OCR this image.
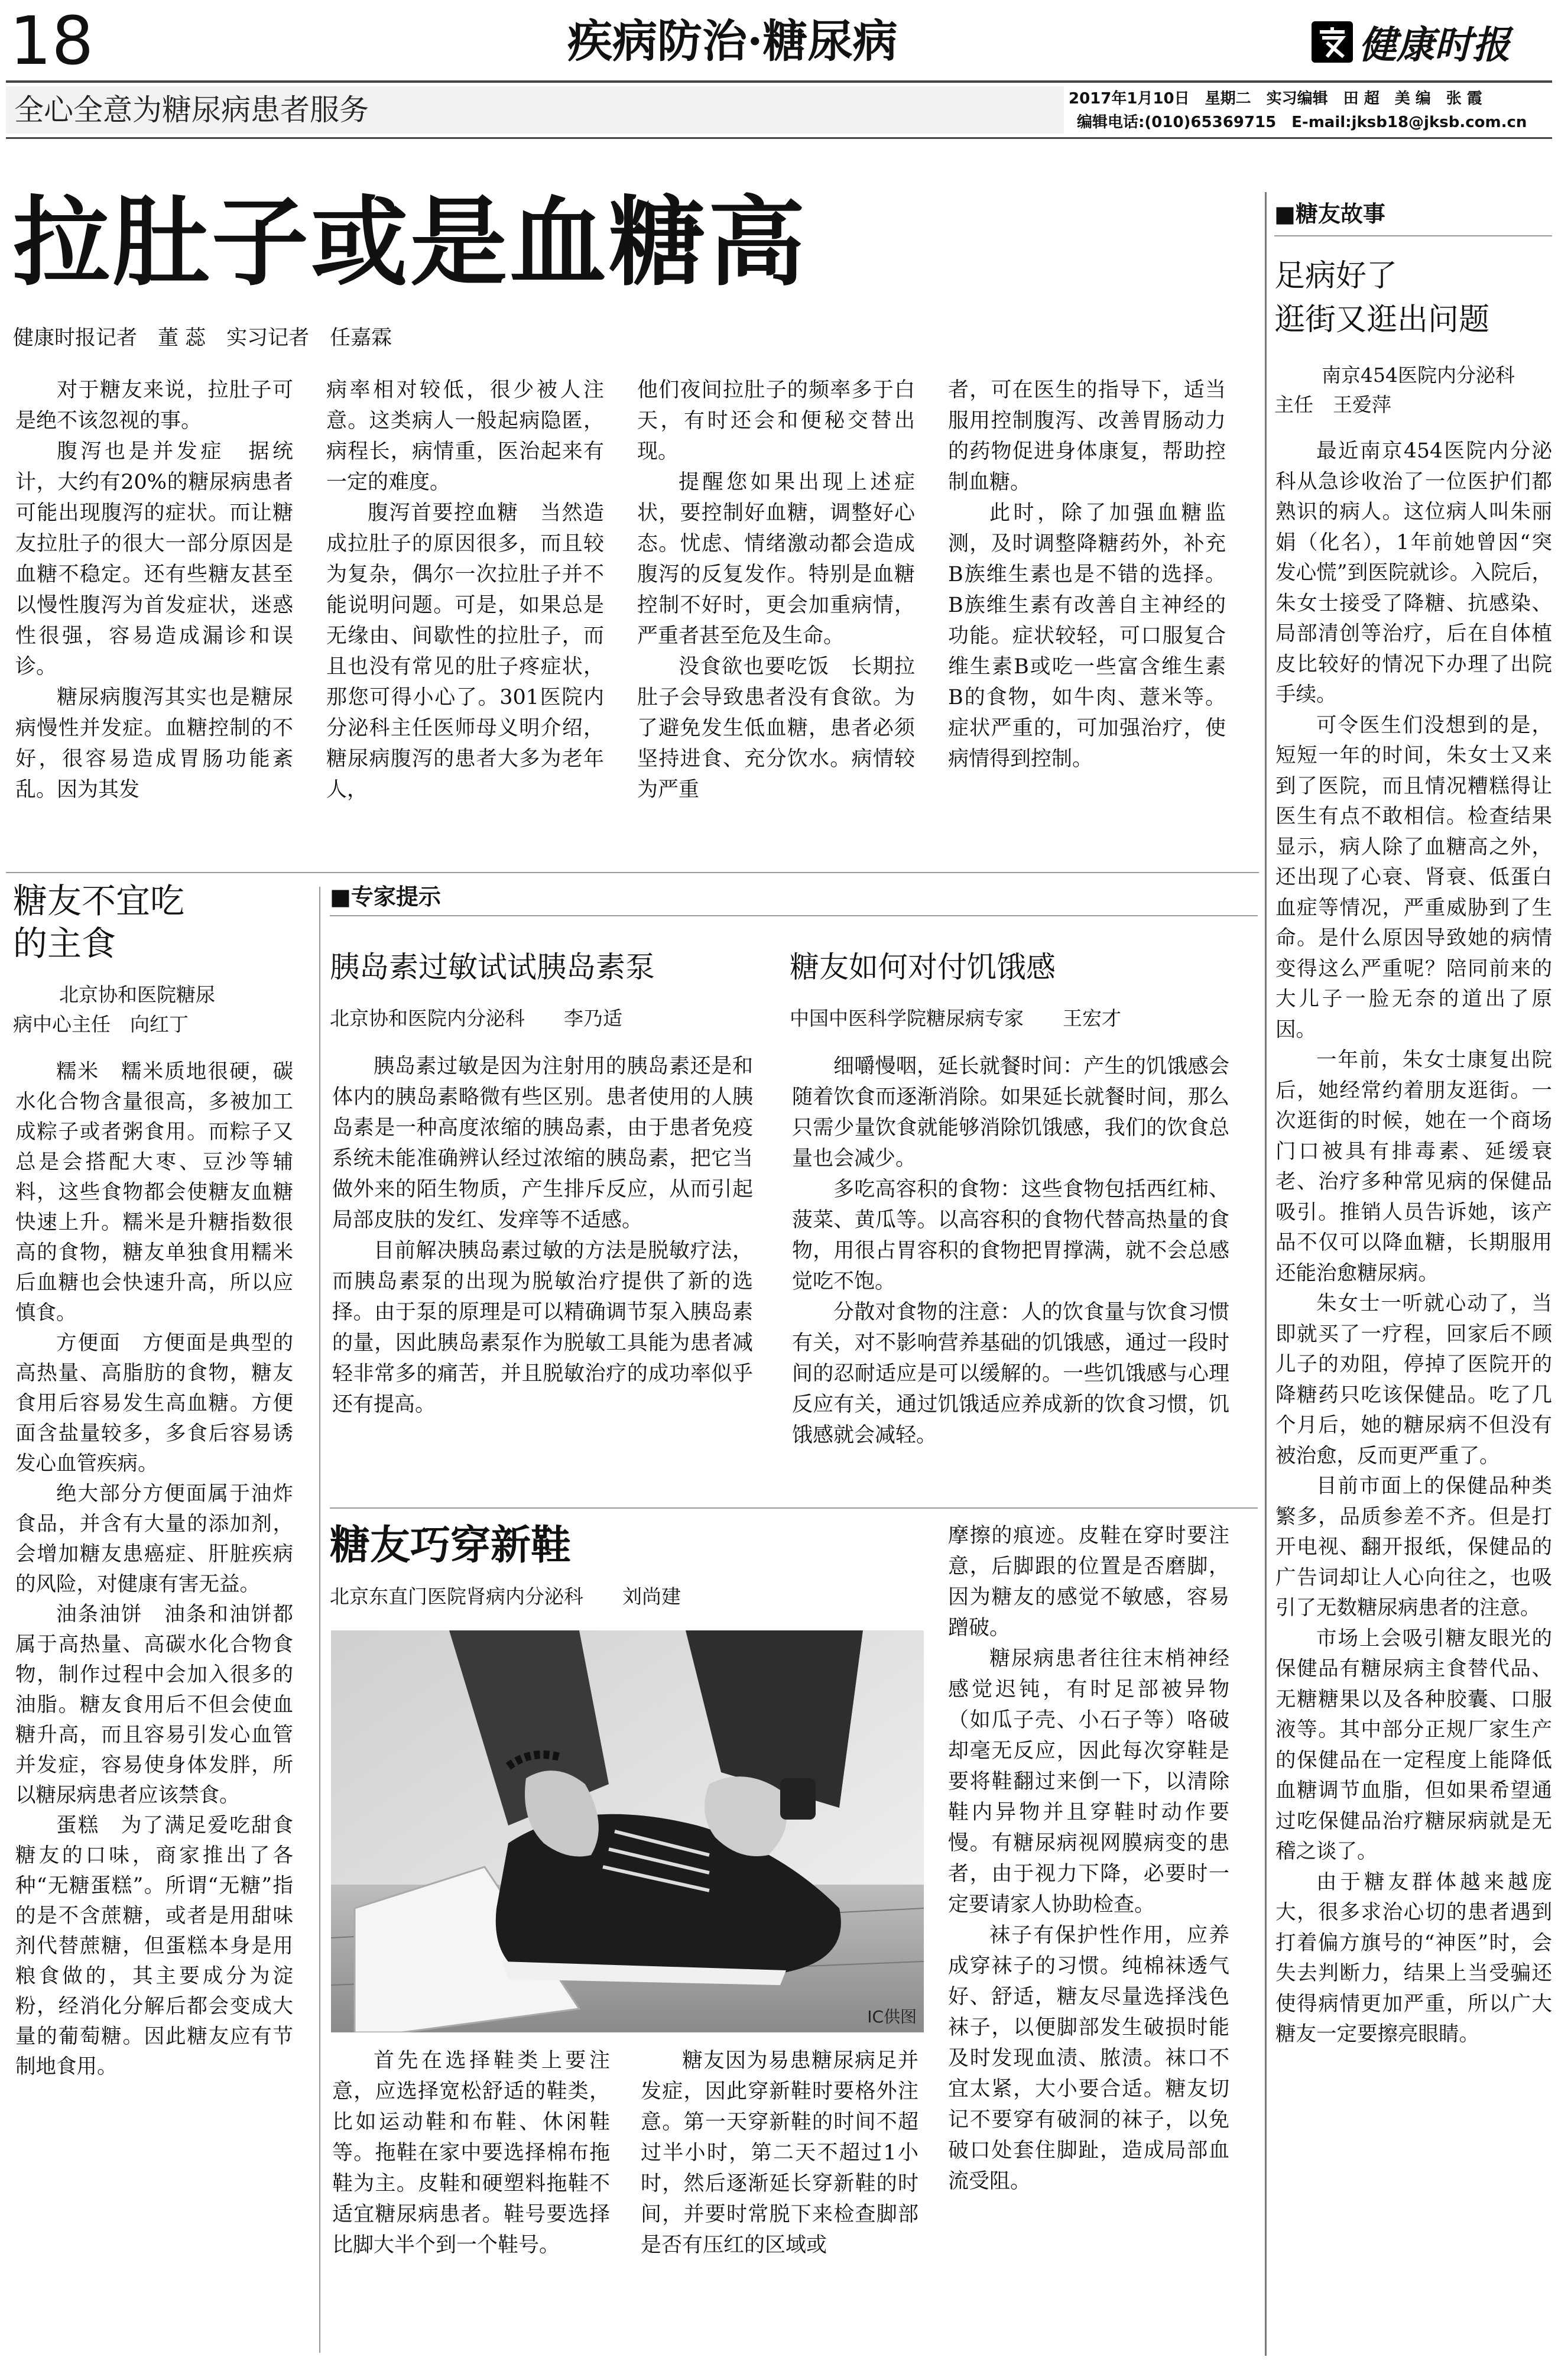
18	疾病防治·糖尿病	健康时报
全心全意为糖尿病患者服务	2017年1月10日　星期二　实习编辑　田 超　美 编　张 霞
编辑电话:(010)65369715　E-mail:jksb18@jksb.com.cn
拉肚子或是血糖高
健康时报记者　董 蕊　实习记者　任嘉霖

对于糖友来说，拉肚子可是绝不该忽视的事。

腹泻也是并发症　据统计，大约有20%的糖尿病患者可能出现腹泻的症状。而让糖友拉肚子的很大一部分原因是血糖不稳定。还有些糖友甚至以慢性腹泻为首发症状，迷惑性很强，容易造成漏诊和误诊。

糖尿病腹泻其实也是糖尿病慢性并发症。血糖控制的不好，很容易造成胃肠功能紊乱。因为其发

病率相对较低，很少被人注意。这类病人一般起病隐匿，病程长，病情重，医治起来有一定的难度。

腹泻首要控血糖　当然造成拉肚子的原因很多，而且较为复杂，偶尔一次拉肚子并不能说明问题。可是，如果总是无缘由、间歇性的拉肚子，而且也没有常见的肚子疼症状，那您可得小心了。301医院内分泌科主任医师母义明介绍，糖尿病腹泻的患者大多为老年人，

他们夜间拉肚子的频率多于白天，有时还会和便秘交替出现。

提醒您如果出现上述症状，要控制好血糖，调整好心态。忧虑、情绪激动都会造成腹泻的反复发作。特别是血糖控制不好时，更会加重病情，严重者甚至危及生命。

没食欲也要吃饭　长期拉肚子会导致患者没有食欲。为了避免发生低血糖，患者必须坚持进食、充分饮水。病情较为严重

者，可在医生的指导下，适当服用控制腹泻、改善胃肠动力的药物促进身体康复，帮助控制血糖。

此时，除了加强血糖监测，及时调整降糖药外，补充B族维生素也是不错的选择。B族维生素有改善自主神经的功能。症状较轻，可口服复合维生素B或吃一些富含维生素B的食物，如牛肉、薏米等。症状严重的，可加强治疗，使病情得到控制。

糖友不宜吃
的主食
北京协和医院糖尿
病中心主任　向红丁

糯米　糯米质地很硬，碳水化合物含量很高，多被加工成粽子或者粥食用。而粽子又总是会搭配大枣、豆沙等辅料，这些食物都会使糖友血糖快速上升。糯米是升糖指数很高的食物，糖友单独食用糯米后血糖也会快速升高，所以应慎食。

方便面　方便面是典型的高热量、高脂肪的食物，糖友食用后容易发生高血糖。方便面含盐量较多，多食后容易诱发心血管疾病。

绝大部分方便面属于油炸食品，并含有大量的添加剂，会增加糖友患癌症、肝脏疾病的风险，对健康有害无益。

油条油饼　油条和油饼都属于高热量、高碳水化合物食物，制作过程中会加入很多的油脂。糖友食用后不但会使血糖升高，而且容易引发心血管并发症，容易使身体发胖，所以糖尿病患者应该禁食。

蛋糕　为了满足爱吃甜食糖友的口味，商家推出了各种“无糖蛋糕”。所谓“无糖”指的是不含蔗糖，或者是用甜味剂代替蔗糖，但蛋糕本身是用粮食做的，其主要成分为淀粉，经消化分解后都会变成大量的葡萄糖。因此糖友应有节制地食用。

■专家提示
胰岛素过敏试试胰岛素泵
北京协和医院内分泌科　　李乃适

胰岛素过敏是因为注射用的胰岛素还是和体内的胰岛素略微有些区别。患者使用的人胰岛素是一种高度浓缩的胰岛素，由于患者免疫系统未能准确辨认经过浓缩的胰岛素，把它当做外来的陌生物质，产生排斥反应，从而引起局部皮肤的发红、发痒等不适感。

目前解决胰岛素过敏的方法是脱敏疗法，而胰岛素泵的出现为脱敏治疗提供了新的选择。由于泵的原理是可以精确调节泵入胰岛素的量，因此胰岛素泵作为脱敏工具能为患者减轻非常多的痛苦，并且脱敏治疗的成功率似乎还有提高。

糖友如何对付饥饿感
中国中医科学院糖尿病专家　　王宏才

细嚼慢咽，延长就餐时间：产生的饥饿感会随着饮食而逐渐消除。如果延长就餐时间，那么只需少量饮食就能够消除饥饿感，我们的饮食总量也会减少。

多吃高容积的食物：这些食物包括西红柿、菠菜、黄瓜等。以高容积的食物代替高热量的食物，用很占胃容积的食物把胃撑满，就不会总感觉吃不饱。

分散对食物的注意：人的饮食量与饮食习惯有关，对不影响营养基础的饥饿感，通过一段时间的忍耐适应是可以缓解的。一些饥饿感与心理反应有关，通过饥饿适应养成新的饮食习惯，饥饿感就会减轻。

糖友巧穿新鞋
北京东直门医院肾病内分泌科　　刘尚建
IC供图

首先在选择鞋类上要注意，应选择宽松舒适的鞋类，比如运动鞋和布鞋、休闲鞋等。拖鞋在家中要选择棉布拖鞋为主。皮鞋和硬塑料拖鞋不适宜糖尿病患者。鞋号要选择比脚大半个到一个鞋号。

糖友因为易患糖尿病足并发症，因此穿新鞋时要格外注意。第一天穿新鞋的时间不超过半小时，第二天不超过1小时，然后逐渐延长穿新鞋的时间，并要时常脱下来检查脚部是否有压红的区域或

摩擦的痕迹。皮鞋在穿时要注意，后脚跟的位置是否磨脚，因为糖友的感觉不敏感，容易蹭破。

糖尿病患者往往末梢神经感觉迟钝，有时足部被异物（如瓜子壳、小石子等）咯破却毫无反应，因此每次穿鞋是要将鞋翻过来倒一下，以清除鞋内异物并且穿鞋时动作要慢。有糖尿病视网膜病变的患者，由于视力下降，必要时一定要请家人协助检查。

袜子有保护性作用，应养成穿袜子的习惯。纯棉袜透气好、舒适，糖友尽量选择浅色袜子，以便脚部发生破损时能及时发现血渍、脓渍。袜口不宜太紧，大小要合适。糖友切记不要穿有破洞的袜子，以免破口处套住脚趾，造成局部血流受阻。

■糖友故事
足病好了
逛街又逛出问题
南京454医院内分泌科
主任　王爱萍

最近南京454医院内分泌科从急诊收治了一位医护们都熟识的病人。这位病人叫朱丽娟（化名），1年前她曾因“突发心慌”到医院就诊。入院后，朱女士接受了降糖、抗感染、局部清创等治疗，后在自体植皮比较好的情况下办理了出院手续。

可令医生们没想到的是，短短一年的时间，朱女士又来到了医院，而且情况糟糕得让医生有点不敢相信。检查结果显示，病人除了血糖高之外，还出现了心衰、肾衰、低蛋白血症等情况，严重威胁到了生命。是什么原因导致她的病情变得这么严重呢？陪同前来的大儿子一脸无奈的道出了原因。

一年前，朱女士康复出院后，她经常约着朋友逛街。一次逛街的时候，她在一个商场门口被具有排毒素、延缓衰老、治疗多种常见病的保健品吸引。推销人员告诉她，该产品不仅可以降血糖，长期服用还能治愈糖尿病。

朱女士一听就心动了，当即就买了一疗程，回家后不顾儿子的劝阻，停掉了医院开的降糖药只吃该保健品。吃了几个月后，她的糖尿病不但没有被治愈，反而更严重了。

目前市面上的保健品种类繁多，品质参差不齐。但是打开电视、翻开报纸，保健品的广告词却让人心向往之，也吸引了无数糖尿病患者的注意。

市场上会吸引糖友眼光的保健品有糖尿病主食替代品、无糖糖果以及各种胶囊、口服液等。其中部分正规厂家生产的保健品在一定程度上能降低血糖调节血脂，但如果希望通过吃保健品治疗糖尿病就是无稽之谈了。

由于糖友群体越来越庞大，很多求治心切的患者遇到打着偏方旗号的“神医”时，会失去判断力，结果上当受骗还使得病情更加严重，所以广大糖友一定要擦亮眼睛。
